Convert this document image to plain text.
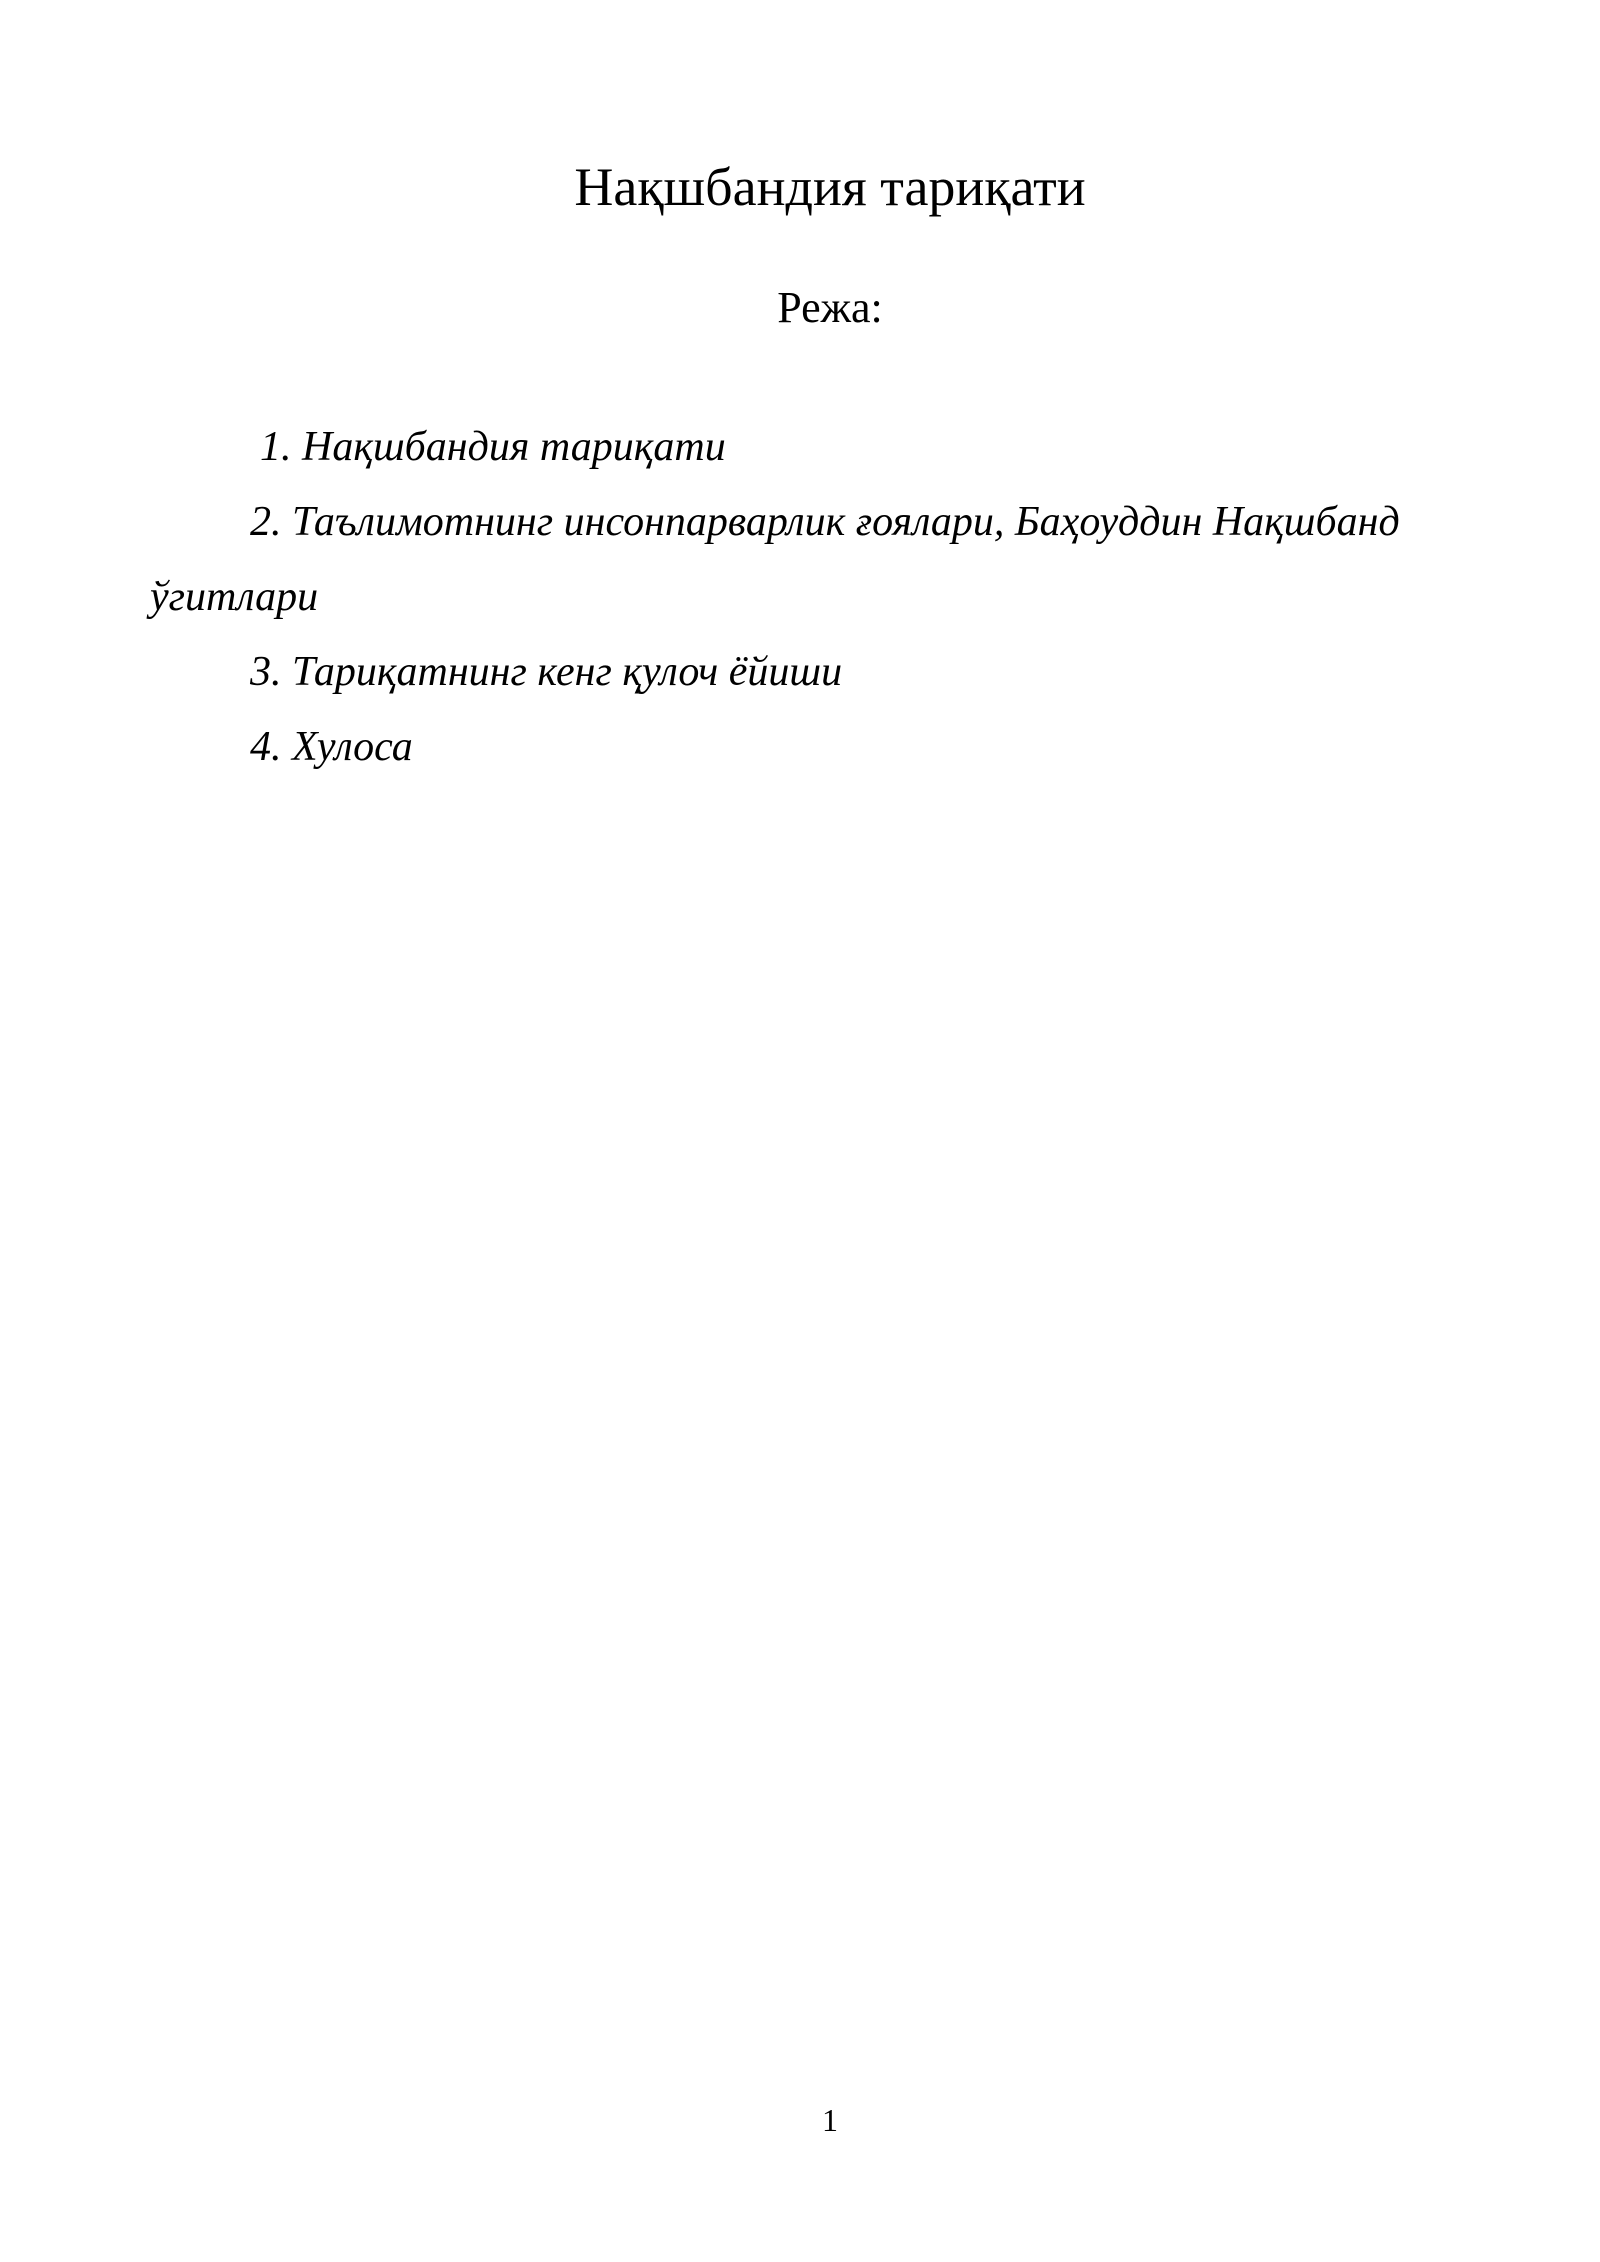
Нақшбандия тариқати
Режа:

1. Нақшбандия тариқати

2. Таълимотнинг инсонпарварлик ғоялари, Баҳоуддин Нақшбанд

ўгитлари

3. Тариқатнинг кенг қулоч ёйиши

4. Хулоса

1
